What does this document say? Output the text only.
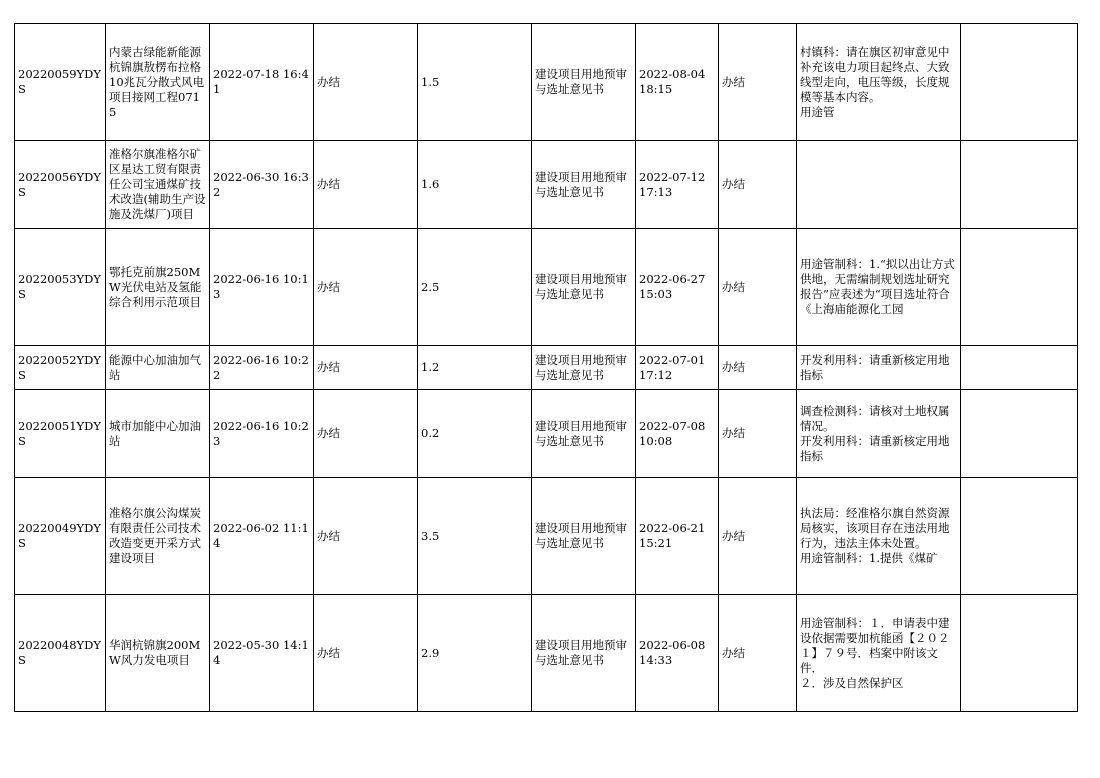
20220059YDYS	内蒙古绿能新能源杭锦旗敖楞布拉格10兆瓦分散式风电项目接网工程0715	2022-07-18 16:41	办结	1.5	建设项目用地预审与选址意见书	2022-08-04 18:15	办结	村镇科：请在旗区初审意见中补充该电力项目起终点、大致线型走向，电压等级，长度规模等基本内容。
用途管	

20220056YDYS	准格尔旗准格尔矿区星达工贸有限责任公司宝通煤矿技术改造(辅助生产设施及洗煤厂)项目	2022-06-30 16:32	办结	1.6	建设项目用地预审与选址意见书	2022-07-12 17:13	办结		

20220053YDYS	鄂托克前旗250MW光伏电站及氢能综合利用示范项目	2022-06-16 10:13	办结	2.5	建设项目用地预审与选址意见书	2022-06-27 15:03	办结	用途管制科：1.“拟以出让方式供地，无需编制规划选址研究报告”应表述为“项目选址符合《上海庙能源化工园	

20220052YDYS	能源中心加油加气站	2022-06-16 10:22	办结	1.2	建设项目用地预审与选址意见书	2022-07-01 17:12	办结	开发利用科：请重新核定用地指标	

20220051YDYS	城市加能中心加油站	2022-06-16 10:23	办结	0.2	建设项目用地预审与选址意见书	2022-07-08 10:08	办结	调查检测科：请核对土地权属情况。
开发利用科：请重新核定用地指标	

20220049YDYS	准格尔旗公沟煤炭有限责任公司技术改造变更开采方式建设项目	2022-06-02 11:14	办结	3.5	建设项目用地预审与选址意见书	2022-06-21 15:21	办结	执法局：经准格尔旗自然资源局核实，该项目存在违法用地行为，违法主体未处置。
用途管制科：1.提供《煤矿	

20220048YDYS	华润杭锦旗200MW风力发电项目	2022-05-30 14:14	办结	2.9	建设项目用地预审与选址意见书	2022-06-08 14:33	办结	用途管制科：１．申请表中建设依据需要加杭能函【２０２１】７９号．档案中附该文件．
２．涉及自然保护区	
